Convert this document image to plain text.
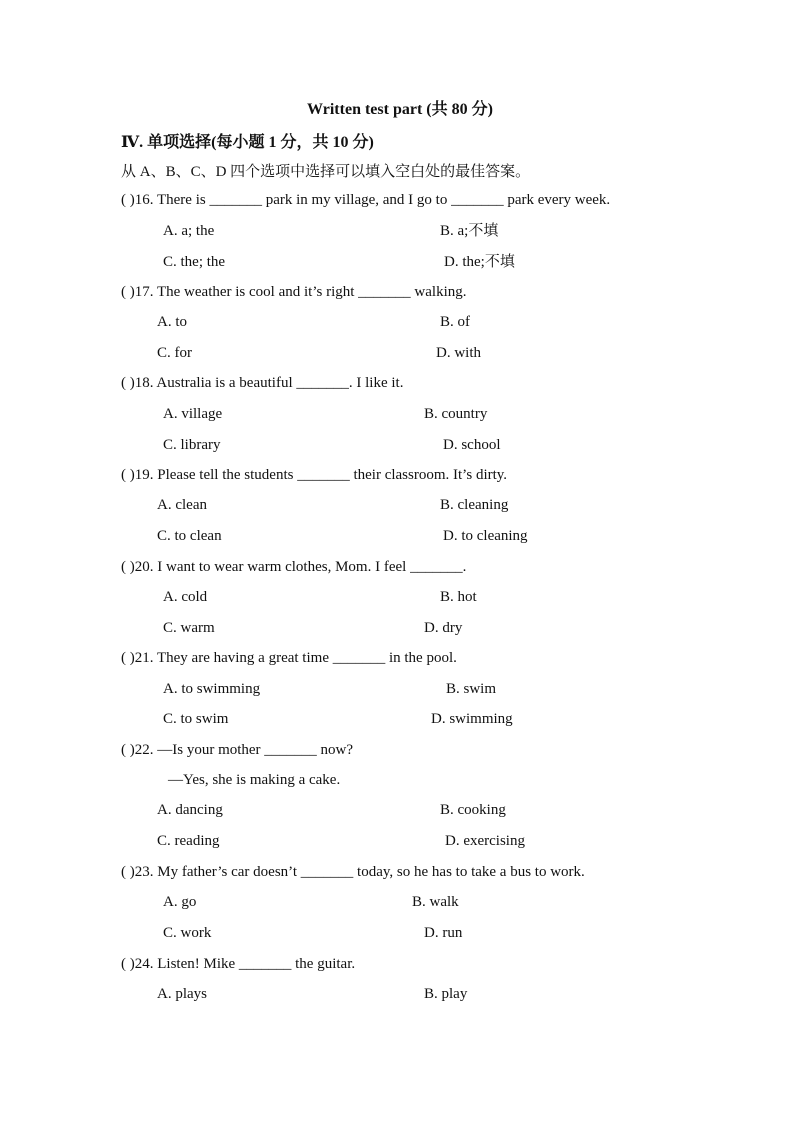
Written test part (共 80 分)
Ⅳ. 单项选择(每小题 1 分，共 10 分)
从 A、B、C、D 四个选项中选择可以填入空白处的最佳答案。
( )16. There is _______ park in my village, and I go to _______ park every week.
A. a; the	B. a;不填
C. the; the	D. the;不填
( )17. The weather is cool and it’s right _______ walking.
A. to	B. of
C. for	D. with
( )18. Australia is a beautiful _______. I like it.
A. village	B. country
C. library	D. school
( )19. Please tell the students _______ their classroom. It’s dirty.
A. clean	B. cleaning
C. to clean	D. to cleaning
( )20. I want to wear warm clothes, Mom. I feel _______.
A. cold	B. hot
C. warm	D. dry
( )21. They are having a great time _______ in the pool.
A. to swimming	B. swim
C. to swim	D. swimming
( )22. —Is your mother _______ now?
—Yes, she is making a cake.
A. dancing	B. cooking
C. reading	D. exercising
( )23. My father’s car doesn’t _______ today, so he has to take a bus to work.
A. go	B. walk
C. work	D. run
( )24. Listen! Mike _______ the guitar.
A. plays	B. play
